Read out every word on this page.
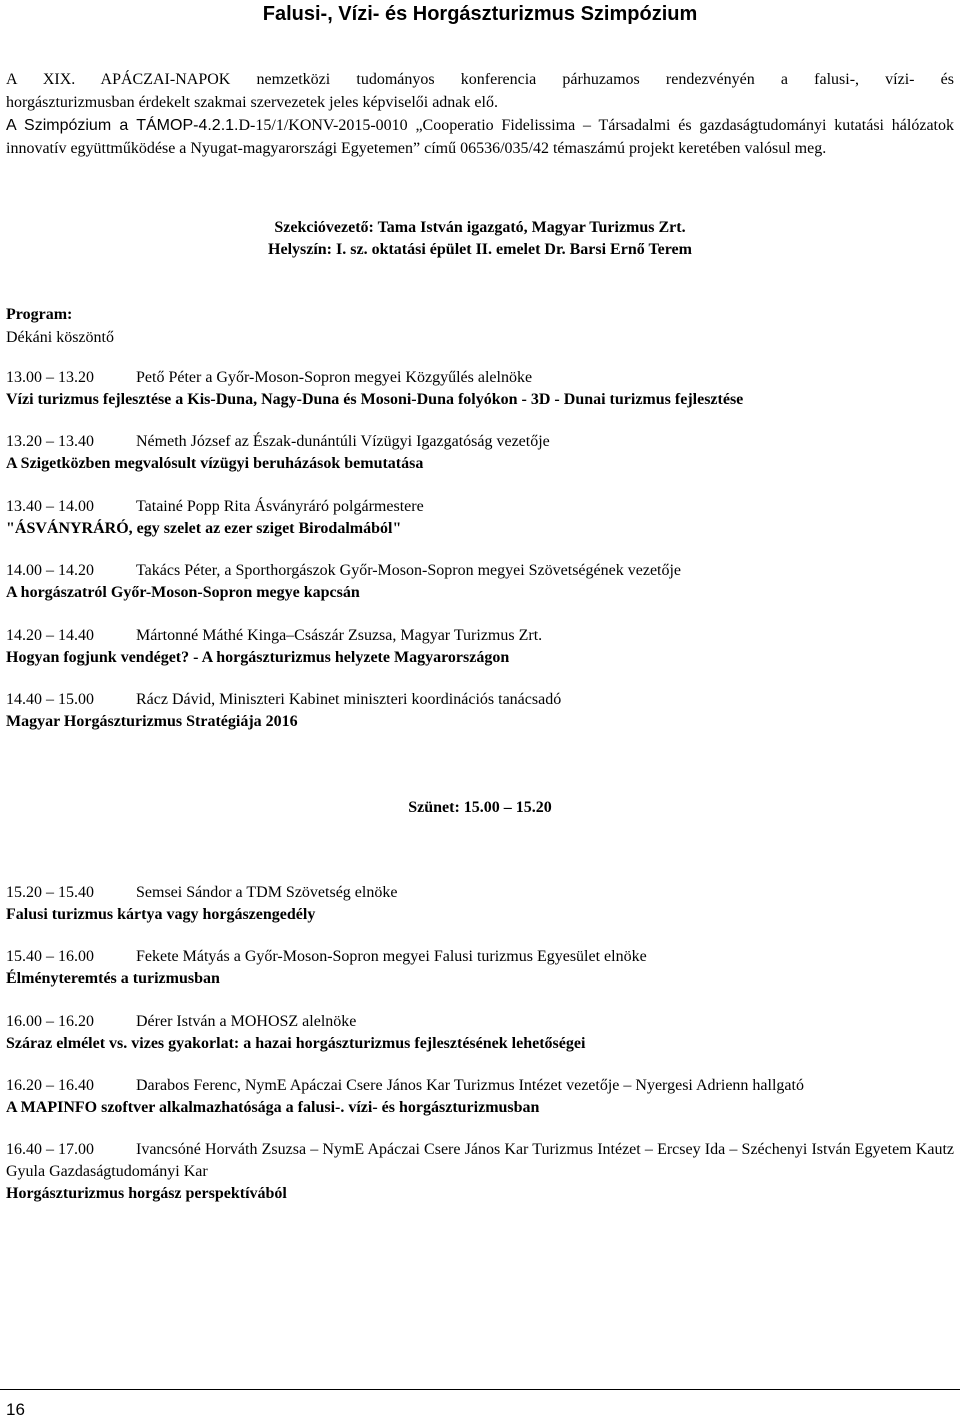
Falusi-, Vízi- és Horgászturizmus Szimpózium

A XIX. APÁCZAI-NAPOK nemzetközi tudományos konferencia párhuzamos rendezvényén a falusi-, vízi- és

horgászturizmusban érdekelt szakmai szervezetek jeles képviselői adnak elő.

A Szimpózium a TÁMOP-4.2.1.D-15/1/KONV-2015-0010 „Cooperatio Fidelissima – Társadalmi és gazdaságtudományi kutatási hálózatok innovatív együttműködése a Nyugat-magyarországi Egyetemen” című 06536/035/42 témaszámú projekt keretében valósul meg.

Szekcióvezető: Tama István igazgató, Magyar Turizmus Zrt.
Helyszín: I. sz. oktatási épület II. emelet Dr. Barsi Ernő Terem
Program:
Dékáni köszöntő
13.00 – 13.20	Pető Péter a Győr-Moson-Sopron megyei Közgyűlés alelnöke
Vízi turizmus fejlesztése a Kis-Duna, Nagy-Duna és Mosoni-Duna folyókon - 3D - Dunai turizmus fejlesztése
13.20 – 13.40	Németh József az Észak-dunántúli Vízügyi Igazgatóság vezetője
A Szigetközben megvalósult vízügyi beruházások bemutatása
13.40 – 14.00	Tatainé Popp Rita Ásványráró polgármestere
"ÁSVÁNYRÁRÓ, egy szelet az ezer sziget Birodalmából"
14.00 – 14.20	Takács Péter, a Sporthorgászok Győr-Moson-Sopron megyei Szövetségének vezetője
A horgászatról Győr-Moson-Sopron megye kapcsán
14.20 – 14.40	Mártonné Máthé Kinga–Császár Zsuzsa, Magyar Turizmus Zrt.
Hogyan fogjunk vendéget? - A horgászturizmus helyzete Magyarországon
14.40 – 15.00	Rácz Dávid, Miniszteri Kabinet miniszteri koordinációs tanácsadó
Magyar Horgászturizmus Stratégiája 2016
Szünet: 15.00 – 15.20
15.20 – 15.40	Semsei Sándor a TDM Szövetség elnöke
Falusi turizmus kártya vagy horgászengedély
15.40 – 16.00	Fekete Mátyás a Győr-Moson-Sopron megyei Falusi turizmus Egyesület elnöke
Élményteremtés a turizmusban
16.00 – 16.20	Dérer István a MOHOSZ alelnöke
Száraz elmélet vs. vizes gyakorlat: a hazai horgászturizmus fejlesztésének lehetőségei
16.20 – 16.40	Darabos Ferenc, NymE Apáczai Csere János Kar Turizmus Intézet vezetője – Nyergesi Adrienn hallgató
A MAPINFO szoftver alkalmazhatósága a falusi-. vízi- és horgászturizmusban
16.40 – 17.00	Ivancsóné Horváth Zsuzsa – NymE Apáczai Csere János Kar Turizmus Intézet – Ercsey Ida – Széchenyi István Egyetem Kautz Gyula Gazdaságtudományi Kar
Horgászturizmus horgász perspektívából
16
